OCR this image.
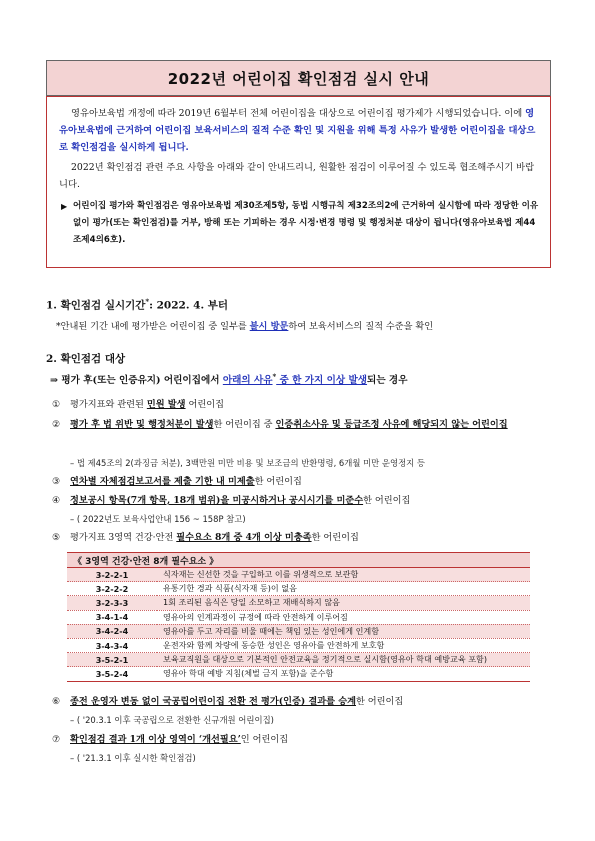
2022년 어린이집 확인점검 실시 안내

영유아보육법 개정에 따라 2019년 6월부터 전체 어린이집을 대상으로 어린이집 평가제가 시행되었습니다. 이에 영유아보육법에 근거하여 어린이집 보육서비스의 질적 수준 확인 및 지원을 위해 특정 사유가 발생한 어린이집을 대상으로 확인점검을 실시하게 됩니다.

2022년 확인점검 관련 주요 사항을 아래와 같이 안내드리니, 원활한 점검이 이루어질 수 있도록 협조해주시기 바랍니다.

▶ 어린이집 평가와 확인점검은 영유아보육법 제30조제5항, 동법 시행규칙 제32조의2에 근거하여 실시함에 따라 정당한 이유 없이 평가(또는 확인점검)를 거부, 방해 또는 기피하는 경우 시정·변경 명령 및 행정처분 대상이 됩니다(영유아보육법 제44조제4의6호).
1. 확인점검 실시기간*: 2022. 4. 부터
*안내된 기간 내에 평가받은 어린이집 중 일부를 불시 방문하여 보육서비스의 질적 수준을 확인
2. 확인점검 대상
⇒ 평가 후(또는 인증유지) 어린이집에서 아래의 사유* 중 한 가지 이상 발생되는 경우
① 평가지표와 관련된 민원 발생 어린이집
② 평가 후 법 위반 및 행정처분이 발생한 어린이집 중 인증취소사유 및 등급조정 사유에 해당되지 않는 어린이집
– 법 제45조의 2(과징금 처분), 3백만원 미만 비용 및 보조금의 반환명령, 6개월 미만 운영정지 등
③ 연차별 자체점검보고서를 제출 기한 내 미제출한 어린이집
④ 정보공시 항목(7개 항목, 18개 범위)을 미공시하거나 공시시기를 미준수한 어린이집
– ( 2022년도 보육사업안내 156 ~ 158P 참고)
⑤ 평가지표 3영역 건강·안전 필수요소 8개 중 4개 이상 미충족한 어린이집
《 3영역 건강·안전 8개 필수요소 》	
3-2-2-1	식자재는 신선한 것을 구입하고 이를 위생적으로 보관함
3-2-2-2	유통기한 경과 식품(식자재 등)이 없음
3-2-3-3	1회 조리된 음식은 당일 소모하고 재배식하지 않음
3-4-1-4	영유아의 인계과정이 규정에 따라 안전하게 이루어짐
3-4-2-4	영유아를 두고 자리를 비울 때에는 책임 있는 성인에게 인계함
3-4-3-4	운전자와 함께 차량에 동승한 성인은 영유아를 안전하게 보호함
3-5-2-1	보육교직원을 대상으로 기본적인 안전교육을 정기적으로 실시함(영유아 학대 예방교육 포함)
3-5-2-4	영유아 학대 예방 지침(체벌 금지 포함)을 준수함
⑥ 종전 운영자 변동 없이 국공립어린이집 전환 전 평가(인증) 결과를 승계한 어린이집
– ( '20.3.1 이후 국공립으로 전환한 신규개원 어린이집)
⑦ 확인점검 결과 1개 이상 영역이 ‘개선필요’인 어린이집
– ( '21.3.1 이후 실시한 확인점검)
